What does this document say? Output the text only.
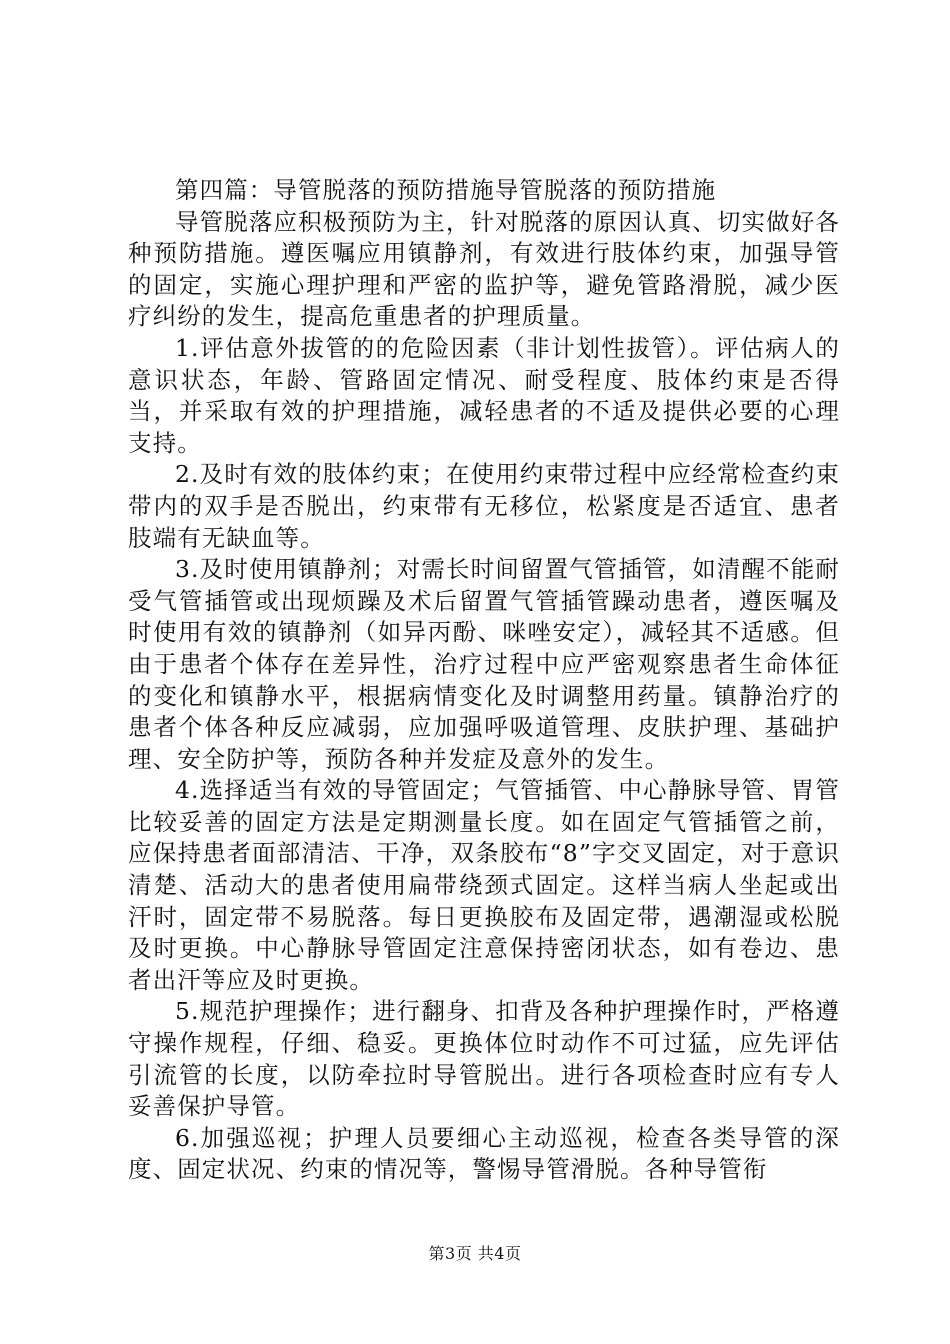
第四篇：导管脱落的预防措施导管脱落的预防措施

导管脱落应积极预防为主，针对脱落的原因认真、切实做好各种预防措施。遵医嘱应用镇静剂，有效进行肢体约束，加强导管的固定，实施心理护理和严密的监护等，避免管路滑脱，减少医疗纠纷的发生，提高危重患者的护理质量。

1.评估意外拔管的的危险因素（非计划性拔管）。评估病人的意识状态，年龄、管路固定情况、耐受程度、肢体约束是否得当，并采取有效的护理措施，减轻患者的不适及提供必要的心理支持。

2.及时有效的肢体约束；在使用约束带过程中应经常检查约束带内的双手是否脱出，约束带有无移位，松紧度是否适宜、患者肢端有无缺血等。

3.及时使用镇静剂；对需长时间留置气管插管，如清醒不能耐受气管插管或出现烦躁及术后留置气管插管躁动患者，遵医嘱及时使用有效的镇静剂（如异丙酚、咪唑安定），减轻其不适感。但由于患者个体存在差异性，治疗过程中应严密观察患者生命体征的变化和镇静水平，根据病情变化及时调整用药量。镇静治疗的患者个体各种反应减弱，应加强呼吸道管理、皮肤护理、基础护理、安全防护等，预防各种并发症及意外的发生。

4.选择适当有效的导管固定；气管插管、中心静脉导管、胃管比较妥善的固定方法是定期测量长度。如在固定气管插管之前，应保持患者面部清洁、干净，双条胶布“8”字交叉固定，对于意识清楚、活动大的患者使用扁带绕颈式固定。这样当病人坐起或出汗时，固定带不易脱落。每日更换胶布及固定带，遇潮湿或松脱及时更换。中心静脉导管固定注意保持密闭状态，如有卷边、患者出汗等应及时更换。

5.规范护理操作；进行翻身、扣背及各种护理操作时，严格遵守操作规程，仔细、稳妥。更换体位时动作不可过猛，应先评估引流管的长度，以防牵拉时导管脱出。进行各项检查时应有专人妥善保护导管。

6.加强巡视；护理人员要细心主动巡视，检查各类导管的深度、固定状况、约束的情况等，警惕导管滑脱。各种导管衔

第3页 共4页
